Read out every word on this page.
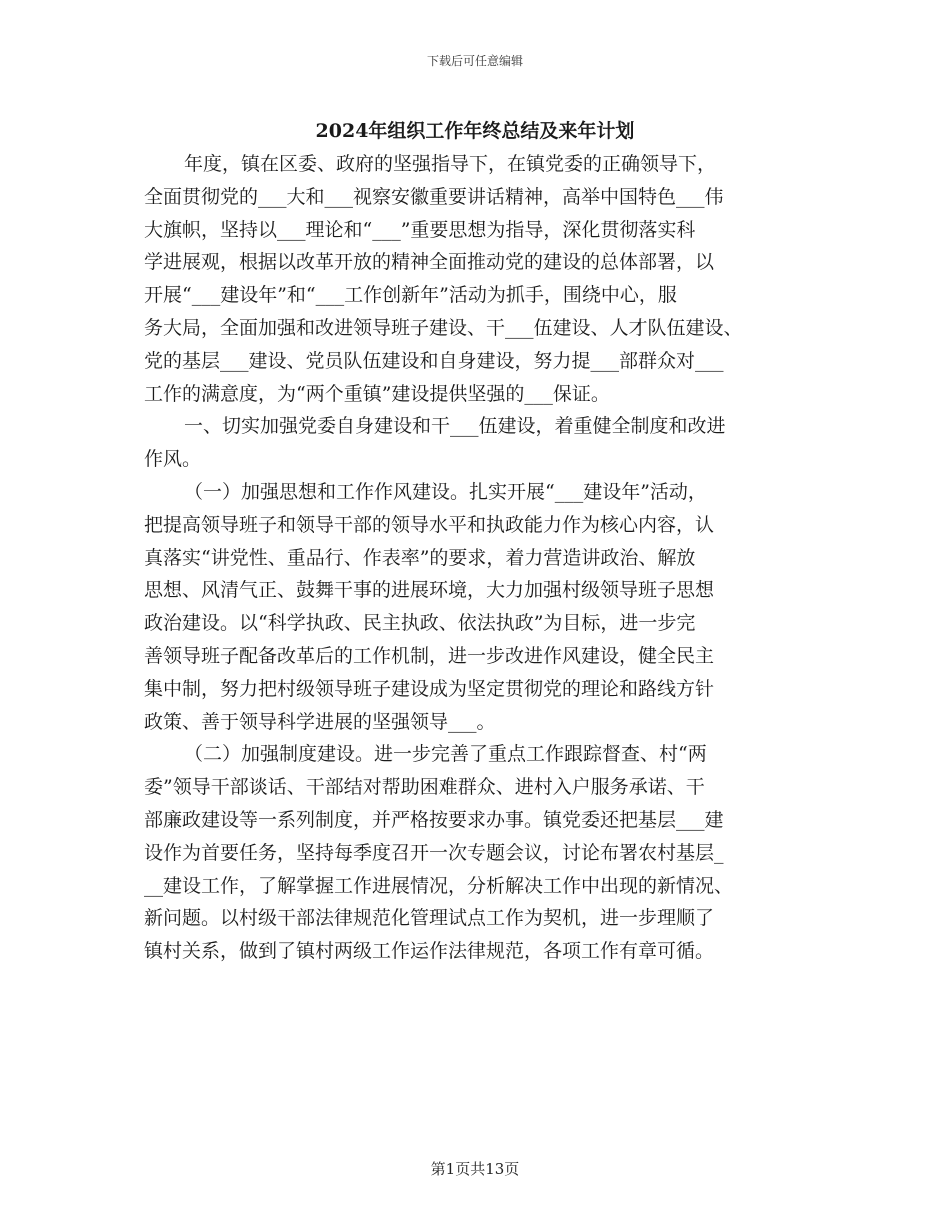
下载后可任意编辑
2024年组织工作年终总结及来年计划
年度，镇在区委、政府的坚强指导下，在镇党委的正确领导下，
全面贯彻党的___大和___视察安徽重要讲话精神，高举中国特色___伟
大旗帜，坚持以___理论和“___”重要思想为指导，深化贯彻落实科
学进展观，根据以改革开放的精神全面推动党的建设的总体部署，以
开展“___建设年”和“___工作创新年”活动为抓手，围绕中心，服
务大局，全面加强和改进领导班子建设、干___伍建设、人才队伍建设、
党的基层___建设、党员队伍建设和自身建设，努力提___部群众对___
工作的满意度，为“两个重镇”建设提供坚强的___保证。
一、切实加强党委自身建设和干___伍建设，着重健全制度和改进
作风。
（一）加强思想和工作作风建设。扎实开展“___建设年”活动，
把提高领导班子和领导干部的领导水平和执政能力作为核心内容，认
真落实“讲党性、重品行、作表率”的要求，着力营造讲政治、解放
思想、风清气正、鼓舞干事的进展环境，大力加强村级领导班子思想
政治建设。以“科学执政、民主执政、依法执政”为目标，进一步完
善领导班子配备改革后的工作机制，进一步改进作风建设，健全民主
集中制，努力把村级领导班子建设成为坚定贯彻党的理论和路线方针
政策、善于领导科学进展的坚强领导___。
（二）加强制度建设。进一步完善了重点工作跟踪督查、村“两
委”领导干部谈话、干部结对帮助困难群众、进村入户服务承诺、干
部廉政建设等一系列制度，并严格按要求办事。镇党委还把基层___建
设作为首要任务，坚持每季度召开一次专题会议，讨论布署农村基层_
__建设工作，了解掌握工作进展情况，分析解决工作中出现的新情况、
新问题。以村级干部法律规范化管理试点工作为契机，进一步理顺了
镇村关系，做到了镇村两级工作运作法律规范，各项工作有章可循。
第1页共13页
